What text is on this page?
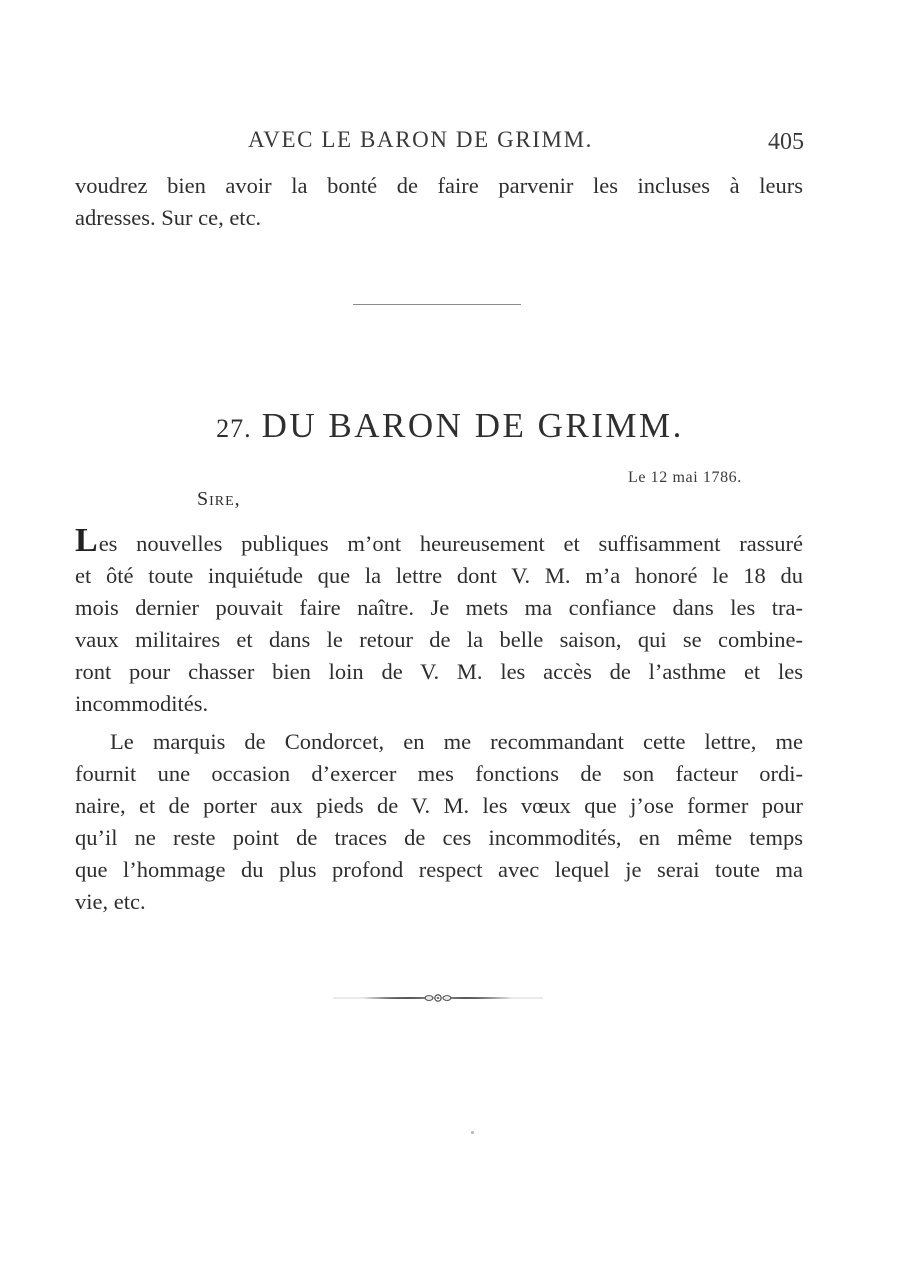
AVEC LE BARON DE GRIMM.	405
voudrez bien avoir la bonté de faire parvenir les incluses à leurs
adresses. Sur ce, etc.
27. DU BARON DE GRIMM.
Le 12 mai 1786.
Sire,
Les nouvelles publiques m’ont heureusement et suffisamment rassuré
et ôté toute inquiétude que la lettre dont V. M. m’a honoré le 18 du
mois dernier pouvait faire naître. Je mets ma confiance dans les tra-
vaux militaires et dans le retour de la belle saison, qui se combine-
ront pour chasser bien loin de V. M. les accès de l’asthme et les
incommodités.
Le marquis de Condorcet, en me recommandant cette lettre, me
fournit une occasion d’exercer mes fonctions de son facteur ordi-
naire, et de porter aux pieds de V. M. les vœux que j’ose former pour
qu’il ne reste point de traces de ces incommodités, en même temps
que l’hommage du plus profond respect avec lequel je serai toute ma
vie, etc.
